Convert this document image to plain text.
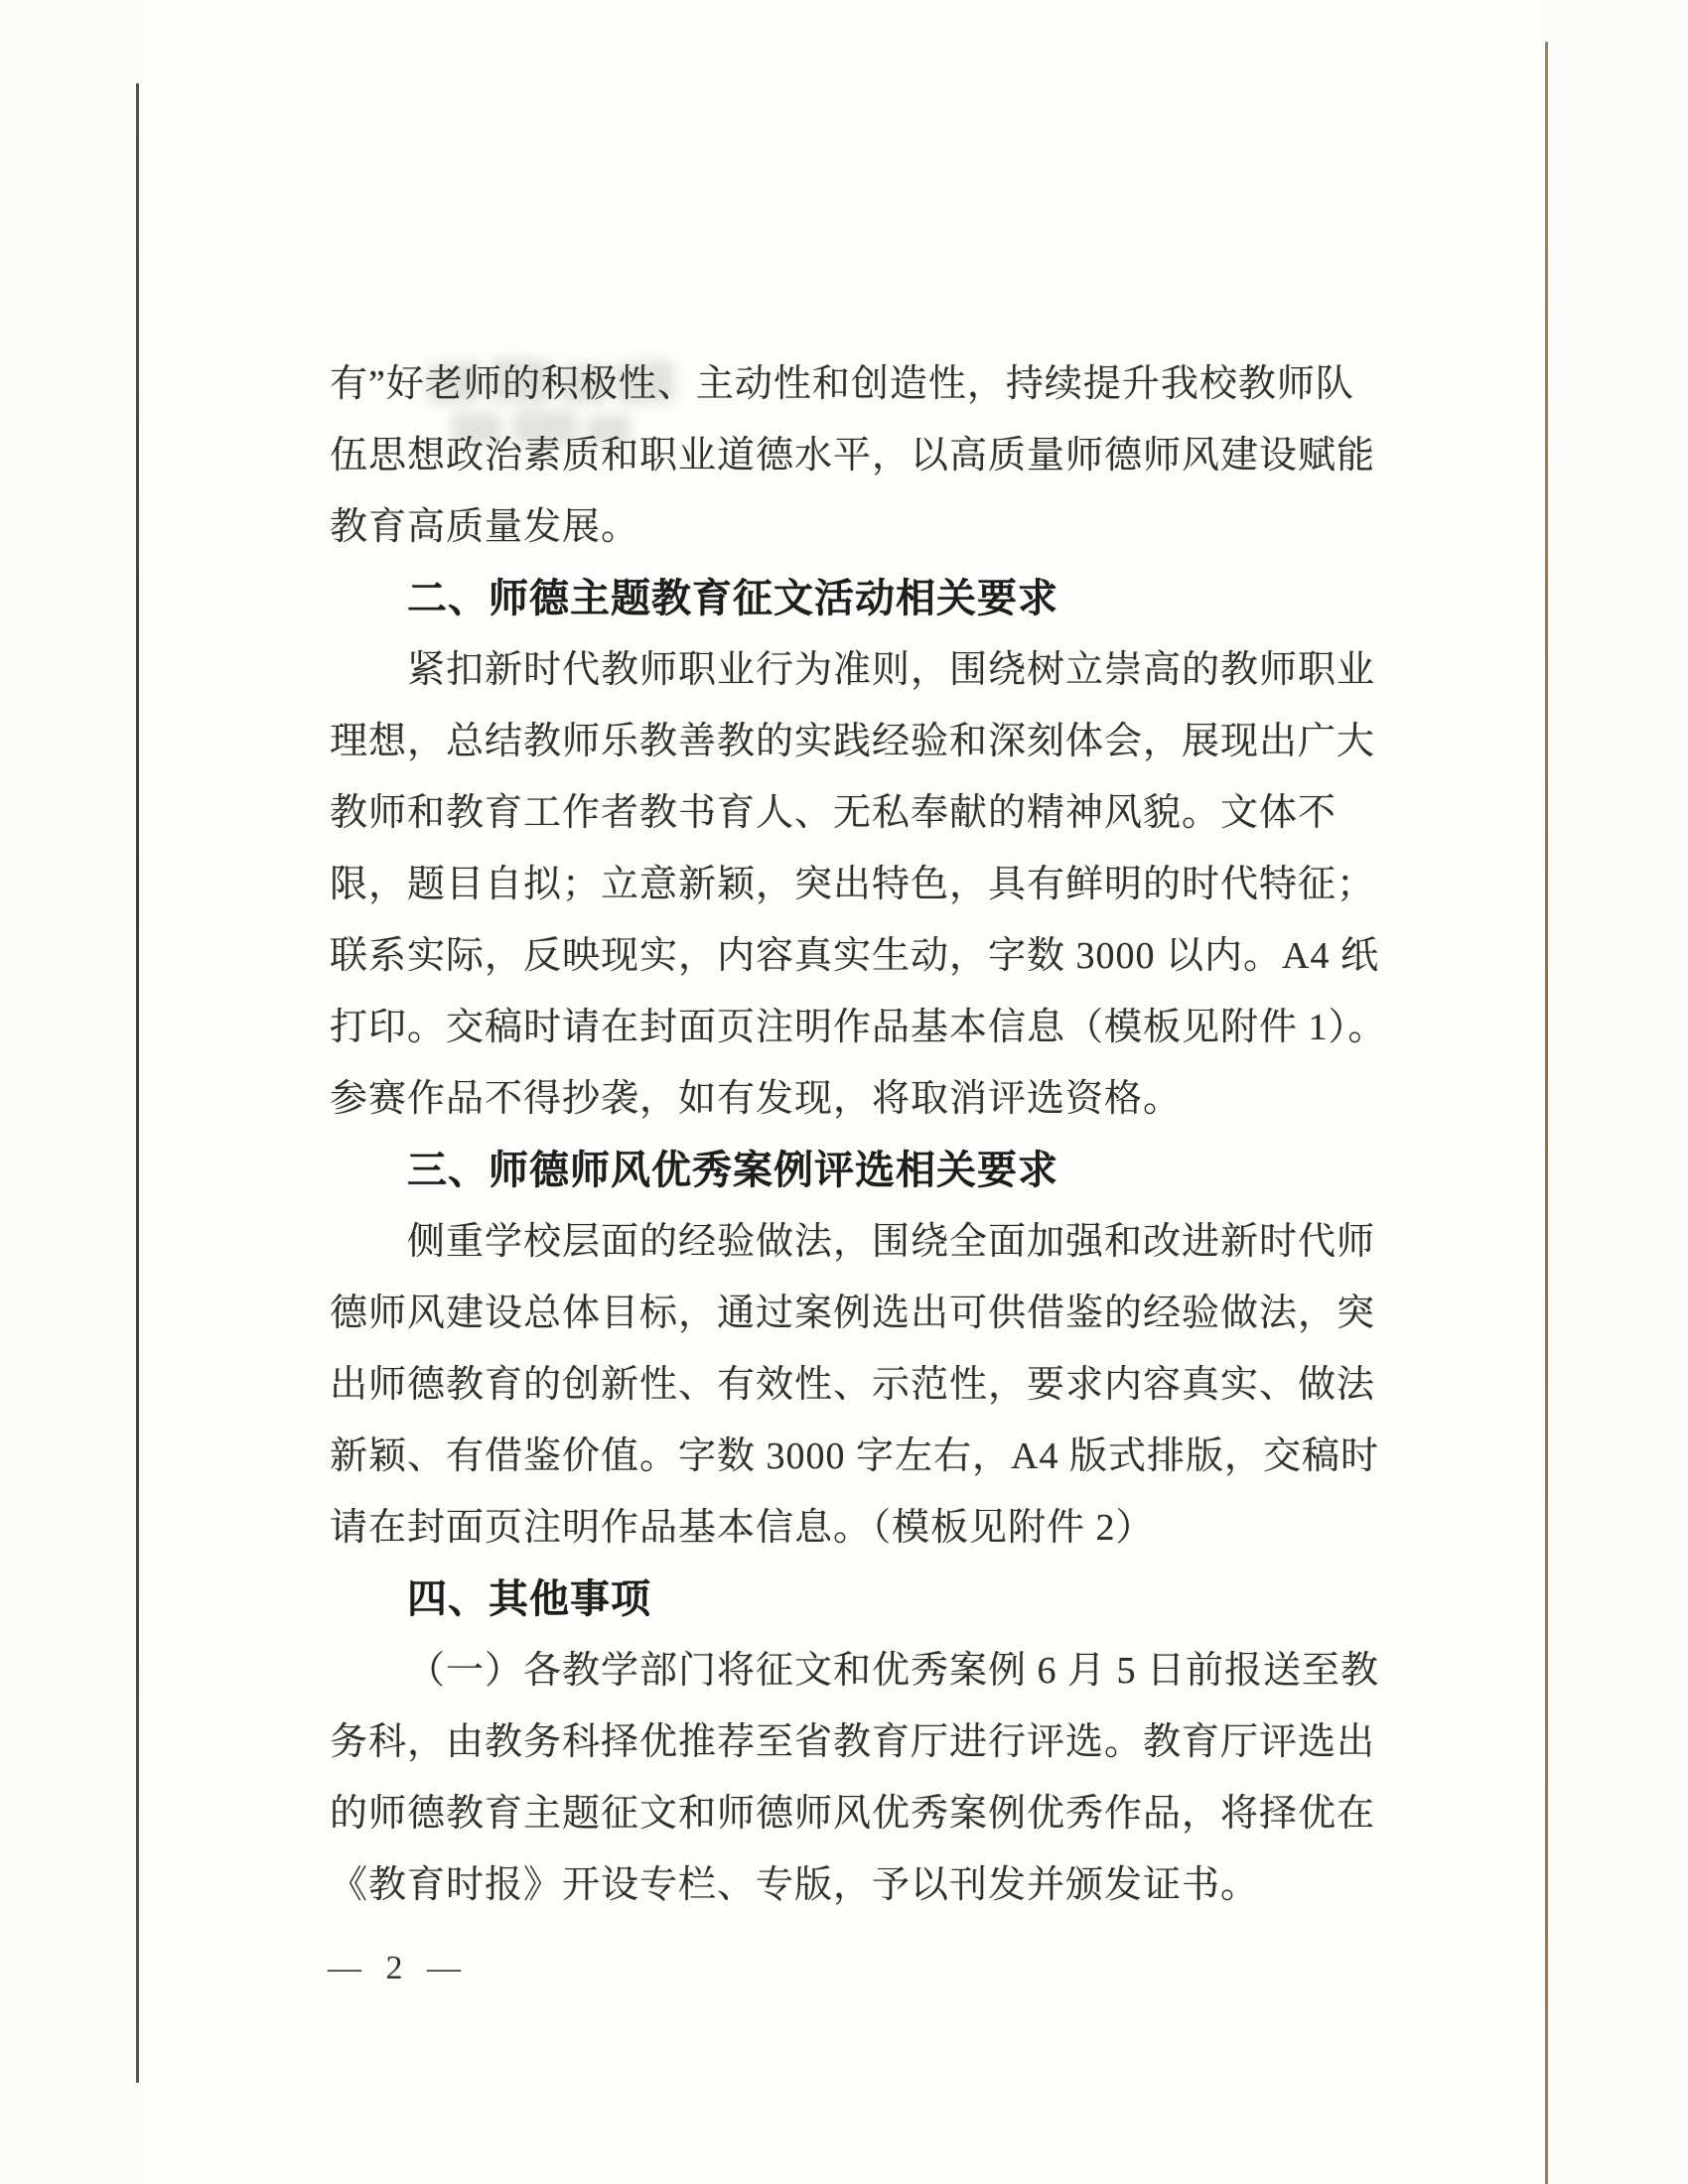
有”好老师的积极性、主动性和创造性，持续提升我校教师队
伍思想政治素质和职业道德水平，以高质量师德师风建设赋能
教育高质量发展。
二、师德主题教育征文活动相关要求
紧扣新时代教师职业行为准则，围绕树立崇高的教师职业
理想，总结教师乐教善教的实践经验和深刻体会，展现出广大
教师和教育工作者教书育人、无私奉献的精神风貌。文体不
限，题目自拟；立意新颖，突出特色，具有鲜明的时代特征；
联系实际，反映现实，内容真实生动，字数 3000 以内。A4 纸
打印。交稿时请在封面页注明作品基本信息（模板见附件 1）。
参赛作品不得抄袭，如有发现，将取消评选资格。
三、师德师风优秀案例评选相关要求
侧重学校层面的经验做法，围绕全面加强和改进新时代师
德师风建设总体目标，通过案例选出可供借鉴的经验做法，突
出师德教育的创新性、有效性、示范性，要求内容真实、做法
新颖、有借鉴价值。字数 3000 字左右，A4 版式排版，交稿时
请在封面页注明作品基本信息。（模板见附件 2）
四、其他事项
（一）各教学部门将征文和优秀案例 6 月 5 日前报送至教
务科，由教务科择优推荐至省教育厅进行评选。教育厅评选出
的师德教育主题征文和师德师风优秀案例优秀作品，将择优在
《教育时报》开设专栏、专版，予以刊发并颁发证书。
— 2 —
